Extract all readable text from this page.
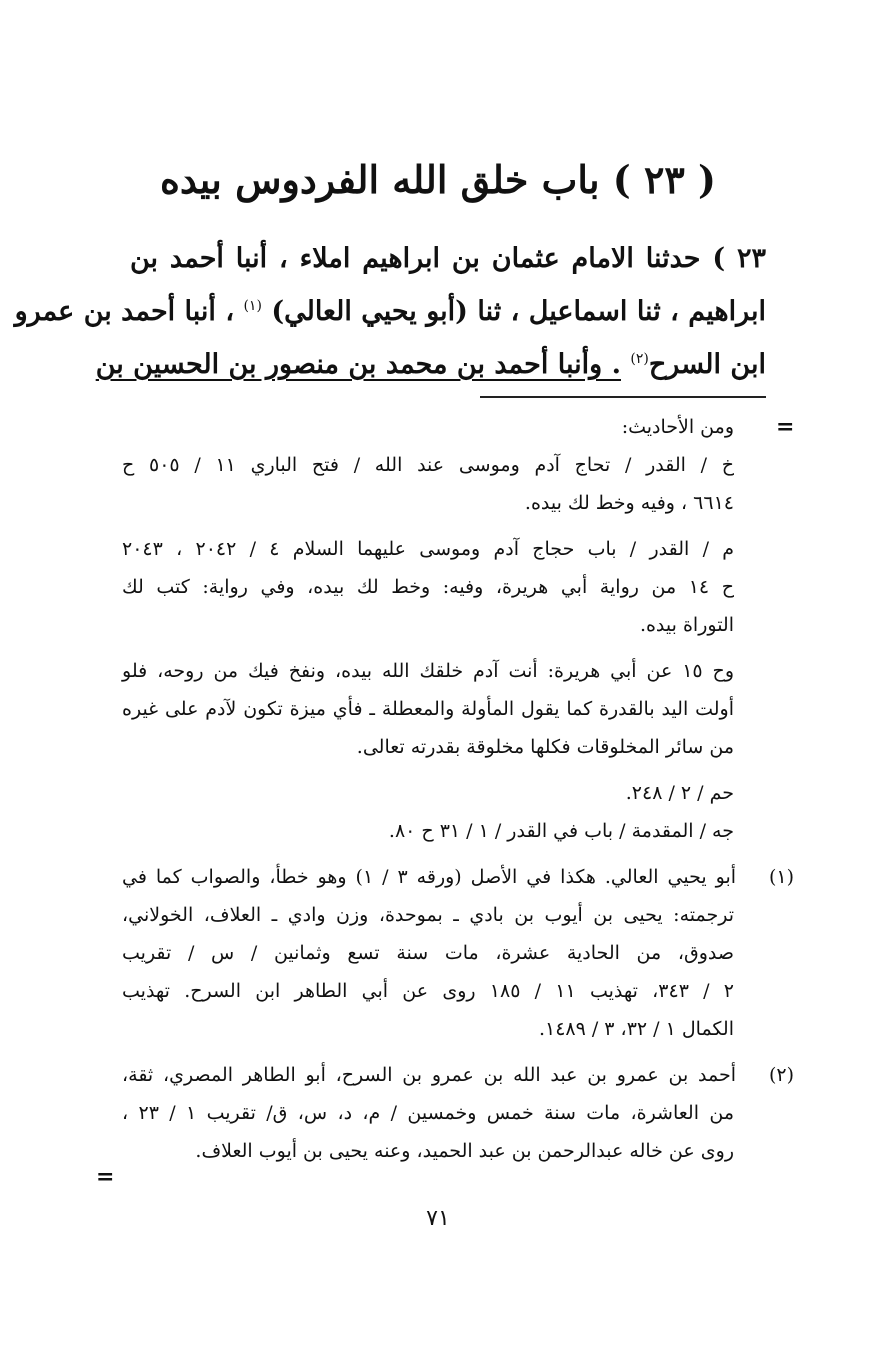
( ٢٣ ) باب خلق الله الفردوس بيده
٢٣ ) حدثنا الامام عثمان بن ابراهيم املاء ، أنبا أحمد بن
ابراهيم ، ثنا اسماعيل ، ثنا (أبو يحيي العالي) $^{(١)}$ ، أنبا أحمد بن عمرو
ابن السرح$^{(٢)}$ . وأنبا أحمد بن محمد بن منصور بن الحسين بن
=
ومن الأحاديث:
خ / القدر / تحاج آدم وموسى عند الله / فتح الباري ١١ / ٥٠٥ ح
٦٦١٤ ، وفيه وخط لك بيده.
م / القدر / باب حجاج آدم وموسى عليهما السلام ٤ / ٢٠٤٢ ، ٢٠٤٣
ح ١٤ من رواية أبي هريرة، وفيه: وخط لك بيده، وفي رواية: كتب لك
التوراة بيده.
وح ١٥ عن أبي هريرة: أنت آدم خلقك الله بيده، ونفخ فيك من روحه، فلو
أولت اليد بالقدرة كما يقول المأولة والمعطلة ـ فأي ميزة تكون لآدم على غيره
من سائر المخلوقات فكلها مخلوقة بقدرته تعالى.
حم / ٢ / ٢٤٨.
جه / المقدمة / باب في القدر / ١ / ٣١ ح ٨٠.
(١)أبو يحيي العالي. هكذا في الأصل (ورقه ٣ / ١) وهو خطأ، والصواب كما في
ترجمته: يحيى بن أيوب بن بادي ـ بموحدة، وزن وادي ـ العلاف، الخولاني،
صدوق، من الحادية عشرة، مات سنة تسع وثمانين / س / تقريب
٢ / ٣٤٣، تهذيب ١١ / ١٨٥ روى عن أبي الطاهر ابن السرح. تهذيب
الكمال ١ / ٣٢، ٣ / ١٤٨٩.
(٢)أحمد بن عمرو بن عبد الله بن عمرو بن السرح، أبو الطاهر المصري، ثقة،
من العاشرة، مات سنة خمس وخمسين / م، د، س، ق/ تقريب ١ / ٢٣ ،
روى عن خاله عبدالرحمن بن عبد الحميد، وعنه يحيى بن أيوب العلاف.
=
٧١
